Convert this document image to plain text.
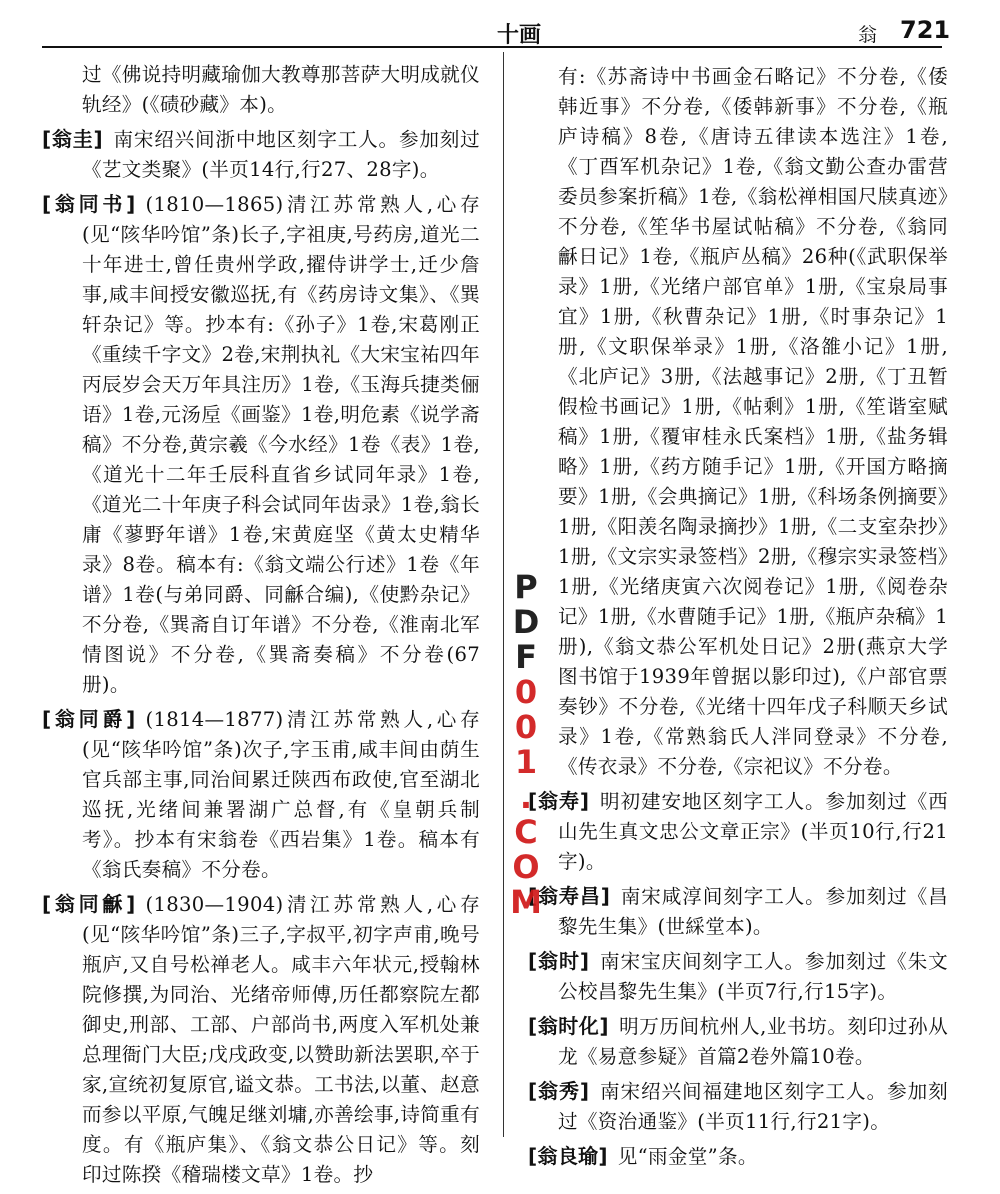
十画	翁 721

过《佛说持明藏瑜伽大教尊那菩萨大明成就仪轨经》(《碛砂藏》本)。

[翁圭] 南宋绍兴间浙中地区刻字工人。参加刻过《艺文类聚》(半页14行,行27、28字)。

[翁同书] (1810—1865)清江苏常熟人,心存(见“陔华吟馆”条)长子,字祖庚,号药房,道光二十年进士,曾任贵州学政,擢侍讲学士,迁少詹事,咸丰间授安徽巡抚,有《药房诗文集》、《巽轩杂记》等。抄本有:《孙子》1卷,宋葛刚正《重续千字文》2卷,宋荆执礼《大宋宝祐四年丙辰岁会天万年具注历》1卷,《玉海兵捷类俪语》1卷,元汤垕《画鉴》1卷,明危素《说学斋稿》不分卷,黄宗羲《今水经》1卷《表》1卷,《道光十二年壬辰科直省乡试同年录》1卷,《道光二十年庚子科会试同年齿录》1卷,翁长庸《蓼野年谱》1卷,宋黄庭坚《黄太史精华录》8卷。稿本有:《翁文端公行述》1卷《年谱》1卷(与弟同爵、同龢合编),《使黔杂记》不分卷,《巽斋自订年谱》不分卷,《淮南北军情图说》不分卷,《巽斋奏稿》不分卷(67册)。

[翁同爵] (1814—1877)清江苏常熟人,心存(见“陔华吟馆”条)次子,字玉甫,咸丰间由荫生官兵部主事,同治间累迁陕西布政使,官至湖北巡抚,光绪间兼署湖广总督,有《皇朝兵制考》。抄本有宋翁卷《西岩集》1卷。稿本有《翁氏奏稿》不分卷。

[翁同龢] (1830—1904)清江苏常熟人,心存(见“陔华吟馆”条)三子,字叔平,初字声甫,晚号瓶庐,又自号松禅老人。咸丰六年状元,授翰林院修撰,为同治、光绪帝师傅,历任都察院左都御史,刑部、工部、户部尚书,两度入军机处兼总理衙门大臣;戊戌政变,以赞助新法罢职,卒于家,宣统初复原官,谥文恭。工书法,以董、赵意而参以平原,气魄足继刘墉,亦善绘事,诗简重有度。有《瓶庐集》、《翁文恭公日记》等。刻印过陈揆《稽瑞楼文草》1卷。抄

有:《苏斋诗中书画金石略记》不分卷,《倭韩近事》不分卷,《倭韩新事》不分卷,《瓶庐诗稿》8卷,《唐诗五律读本选注》1卷,《丁酉军机杂记》1卷,《翁文勤公查办雷营委员参案折稿》1卷,《翁松禅相国尺牍真迹》不分卷,《笙华书屋试帖稿》不分卷,《翁同龢日记》1卷,《瓶庐丛稿》26种(《武职保举录》1册,《光绪户部官单》1册,《宝泉局事宜》1册,《秋曹杂记》1册,《时事杂记》1册,《文职保举录》1册,《洛雒小记》1册,《北庐记》3册,《法越事记》2册,《丁丑暂假检书画记》1册,《帖剩》1册,《笙谐室赋稿》1册,《覆审桂永氏案档》1册,《盐务辑略》1册,《药方随手记》1册,《开国方略摘要》1册,《会典摘记》1册,《科场条例摘要》1册,《阳羡名陶录摘抄》1册,《二支室杂抄》1册,《文宗实录签档》2册,《穆宗实录签档》1册,《光绪庚寅六次阅卷记》1册,《阅卷杂记》1册,《水曹随手记》1册,《瓶庐杂稿》1册),《翁文恭公军机处日记》2册(燕京大学图书馆于1939年曾据以影印过),《户部官票奏钞》不分卷,《光绪十四年戊子科顺天乡试录》1卷,《常熟翁氏人泮同登录》不分卷,《传衣录》不分卷,《宗祀议》不分卷。

[翁寿] 明初建安地区刻字工人。参加刻过《西山先生真文忠公文章正宗》(半页10行,行21字)。

[翁寿昌] 南宋咸淳间刻字工人。参加刻过《昌黎先生集》(世綵堂本)。

[翁时] 南宋宝庆间刻字工人。参加刻过《朱文公校昌黎先生集》(半页7行,行15字)。

[翁时化] 明万历间杭州人,业书坊。刻印过孙从龙《易意参疑》首篇2卷外篇10卷。

[翁秀] 南宋绍兴间福建地区刻字工人。参加刻过《资治通鉴》(半页11行,行21字)。

[翁良瑜] 见“雨金堂”条。

PDF001.COM
